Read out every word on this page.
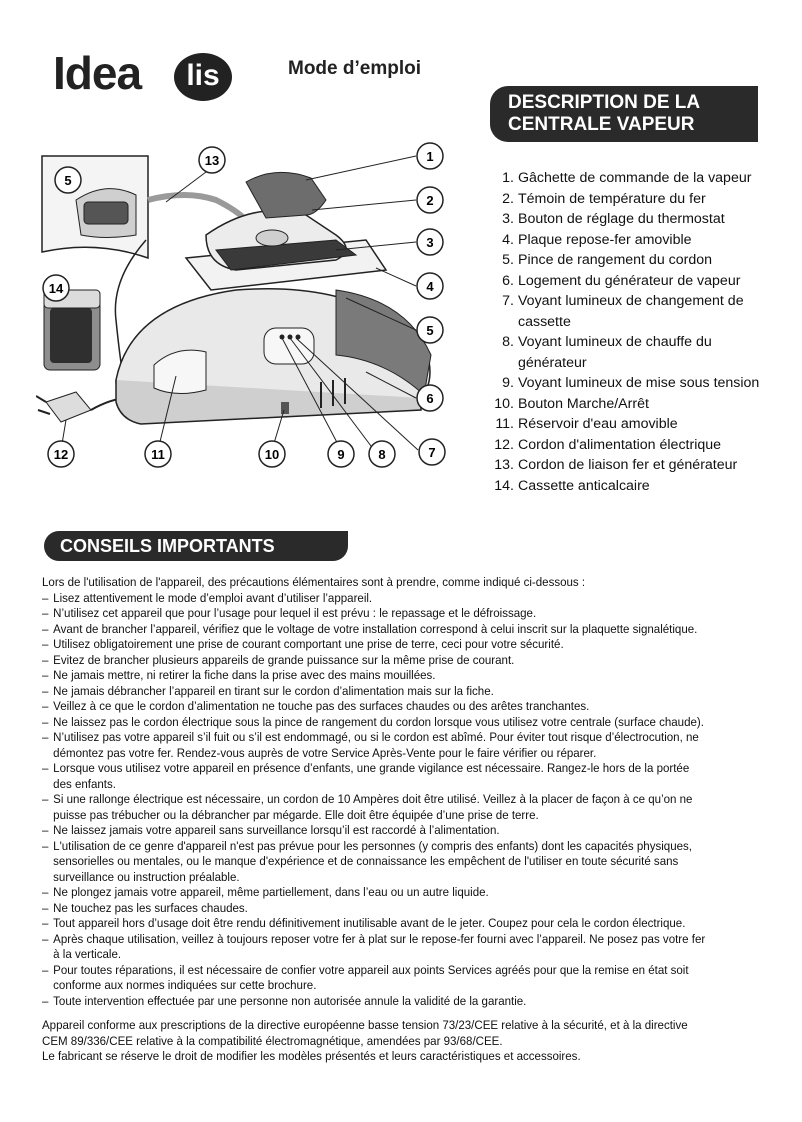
Idea	lis	Mode d’emploi
DESCRIPTION DE LA
CENTRALE VAPEUR
1
2
3
4
5
6
7
8
9
10
11
12
13
14
5	1. Gâchette de commande de la vapeur
2. Témoin de température du fer
3. Bouton de réglage du thermostat
4. Plaque repose-fer amovible
5. Pince de rangement du cordon
6. Logement du générateur de vapeur
7. Voyant lumineux de changement de cassette
8. Voyant lumineux de chauffe du générateur
9. Voyant lumineux de mise sous tension
10. Bouton Marche/Arrêt
11. Réservoir d'eau amovible
12. Cordon d'alimentation électrique
13. Cordon de liaison fer et générateur
14. Cassette anticalcaire
CONSEILS IMPORTANTS

Lors de l'utilisation de l'appareil, des précautions élémentaires sont à prendre, comme indiqué ci-dessous :

– Lisez attentivement le mode d’emploi avant d’utiliser l’appareil.

– N’utilisez cet appareil que pour l’usage pour lequel il est prévu : le repassage et le défroissage.

– Avant de brancher l’appareil, vérifiez que le voltage de votre installation correspond à celui inscrit sur la plaquette signalétique.

– Utilisez obligatoirement une prise de courant comportant une prise de terre, ceci pour votre sécurité.

– Evitez de brancher plusieurs appareils de grande puissance sur la même prise de courant.

– Ne jamais mettre, ni retirer la fiche dans la prise avec des mains mouillées.

– Ne jamais débrancher l’appareil en tirant sur le cordon d’alimentation mais sur la fiche.

– Veillez à ce que le cordon d’alimentation ne touche pas des surfaces chaudes ou des arêtes tranchantes.

– Ne laissez pas le cordon électrique sous la pince de rangement du cordon lorsque vous utilisez votre centrale (surface chaude).

– N’utilisez pas votre appareil s’il fuit ou s’il est endommagé, ou si le cordon est abîmé. Pour éviter tout risque d’électrocution, ne démontez pas votre fer. Rendez-vous auprès de votre Service Après-Vente pour le faire vérifier ou réparer.

– Lorsque vous utilisez votre appareil en présence d’enfants, une grande vigilance est nécessaire. Rangez-le hors de la portée des enfants.

– Si une rallonge électrique est nécessaire, un cordon de 10 Ampères doit être utilisé. Veillez à la placer de façon à ce qu’on ne puisse pas trébucher ou la débrancher par mégarde. Elle doit être équipée d’une prise de terre.

– Ne laissez jamais votre appareil sans surveillance lorsqu’il est raccordé à l’alimentation.

– L'utilisation de ce genre d'appareil n'est pas prévue pour les personnes (y compris des enfants) dont les capacités physiques, sensorielles ou mentales, ou le manque d'expérience et de connaissance les empêchent de l'utiliser en toute sécurité sans surveillance ou instruction préalable.

– Ne plongez jamais votre appareil, même partiellement, dans l’eau ou un autre liquide.

– Ne touchez pas les surfaces chaudes.

– Tout appareil hors d’usage doit être rendu définitivement inutilisable avant de le jeter. Coupez pour cela le cordon électrique.

– Après chaque utilisation, veillez à toujours reposer votre fer à plat sur le repose-fer fourni avec l’appareil. Ne posez pas votre fer à la verticale.

– Pour toutes réparations, il est nécessaire de confier votre appareil aux points Services agréés pour que la remise en état soit conforme aux normes indiquées sur cette brochure.

– Toute intervention effectuée par une personne non autorisée annule la validité de la garantie.

Appareil conforme aux prescriptions de la directive européenne basse tension 73/23/CEE relative à la sécurité, et à la directive CEM 89/336/CEE relative à la compatibilité électromagnétique, amendées par 93/68/CEE.

Le fabricant se réserve le droit de modifier les modèles présentés et leurs caractéristiques et accessoires.
